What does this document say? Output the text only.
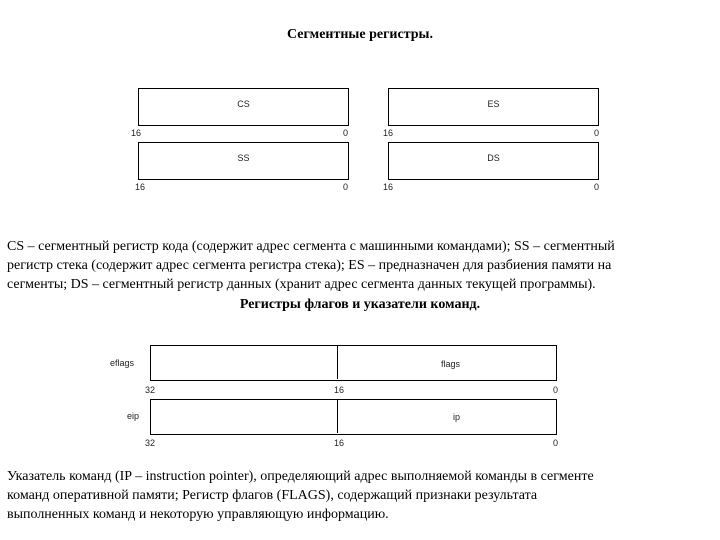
Сегментные регистры.
CS
16	0
ES
16	0
SS
16	0
DS
16	0
CS – сегментный регистр кода (содержит адрес сегмента с машинными командами); SS – сегментный
регистр стека (содержит адрес сегмента регистра стека); ES – предназначен для разбиения памяти на
сегменты; DS – сегментный регистр данных (хранит адрес сегмента данных текущей программы).
Регистры флагов и указатели команд.
eflags	flags
32	16	0
eip	ip
32	16	0
Указатель команд (IP – instruction pointer), определяющий адрес выполняемой команды в сегменте
команд оперативной памяти; Регистр флагов (FLAGS), содержащий признаки результата
выполненных команд и некоторую управляющую информацию.
